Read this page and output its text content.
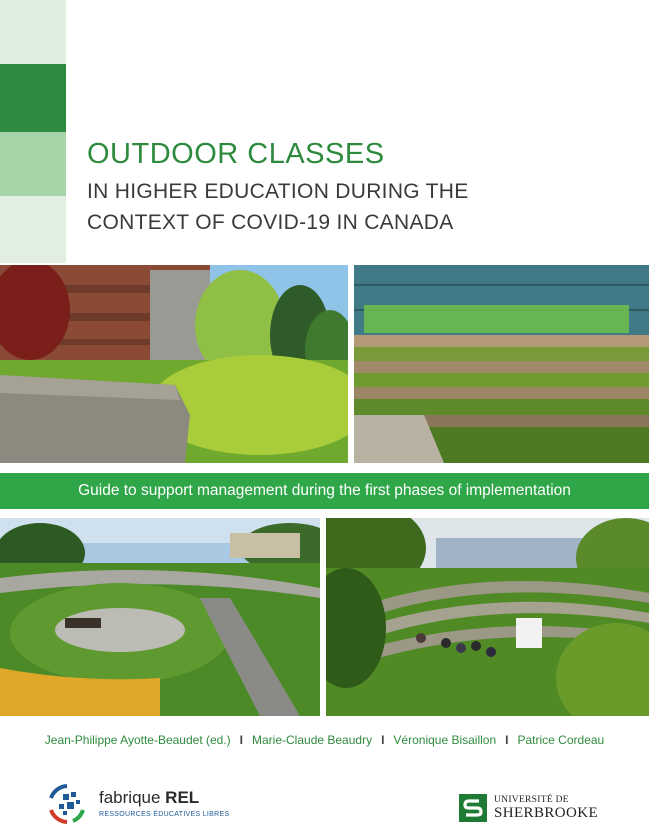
OUTDOOR CLASSES
IN HIGHER EDUCATION DURING THE
CONTEXT OF COVID-19 IN CANADA
Guide to support management during the first phases of implementation
Jean-Philippe Ayotte-Beaudet (ed.) I Marie-Claude Beaudry I Véronique Bisaillon I Patrice Cordeau
fabrique REL
RESSOURCES ÉDUCATIVES LIBRES
UNIVERSITÉ DE
SHERBROOKE
